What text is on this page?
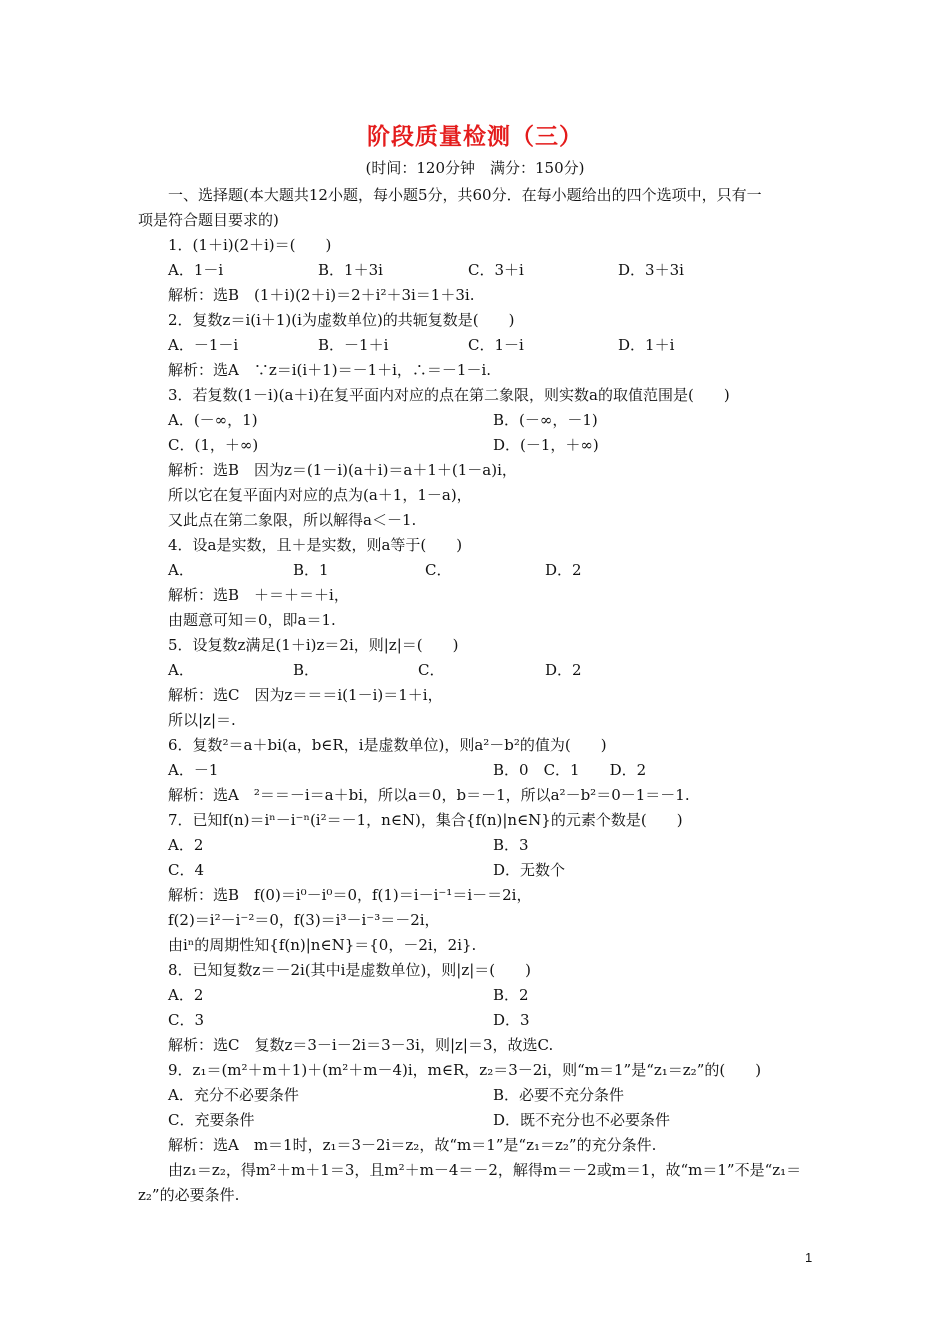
阶段质量检测（三）
(时间：120分钟　满分：150分)
一、选择题(本大题共12小题，每小题5分，共60分．在每小题给出的四个选项中，只有一
项是符合题目要求的)
1．(1＋i)(2＋i)＝(　　)
A．1－i	B．1＋3i	C．3＋i	D．3＋3i
解析：选B　(1＋i)(2＋i)＝2＋i²＋3i＝1＋3i.
2．复数z＝i(i＋1)(i为虚数单位)的共轭复数是(　　)
A．－1－i	B．－1＋i	C．1－i	D．1＋i
解析：选A　∵z＝i(i＋1)＝－1＋i，∴＝－1－i.
3．若复数(1－i)(a＋i)在复平面内对应的点在第二象限，则实数a的取值范围是(　　)
A．(－∞，1)	B．(－∞，－1)
C．(1，＋∞)	D．(－1，＋∞)
解析：选B　因为z＝(1－i)(a＋i)＝a＋1＋(1－a)i，
所以它在复平面内对应的点为(a＋1，1－a)，
又此点在第二象限，所以解得a＜－1.
4．设a是实数，且＋是实数，则a等于(　　)
A．	B．1	C．	D．2
解析：选B　＋＝＋＝＋i，
由题意可知＝0，即a＝1.
5．设复数z满足(1＋i)z＝2i，则|z|＝(　　)
A．	B．	C．	D．2
解析：选C　因为z＝＝＝i(1－i)＝1＋i，
所以|z|＝.
6．复数²＝a＋bi(a，b∈R，i是虚数单位)，则a²－b²的值为(　　)
A．－1	B．0　C．1　　D．2
解析：选A　²＝＝－i＝a＋bi，所以a＝0，b＝－1，所以a²－b²＝0－1＝－1.
7．已知f(n)＝iⁿ－i⁻ⁿ(i²＝－1，n∈N)，集合{f(n)|n∈N}的元素个数是(　　)
A．2	B．3
C．4	D．无数个
解析：选B　f(0)＝i⁰－i⁰＝0，f(1)＝i－i⁻¹＝i－＝2i，
f(2)＝i²－i⁻²＝0，f(3)＝i³－i⁻³＝－2i，
由iⁿ的周期性知{f(n)|n∈N}＝{0，－2i，2i}.
8．已知复数z＝－2i(其中i是虚数单位)，则|z|＝(　　)
A．2	B．2
C．3	D．3
解析：选C　复数z＝3－i－2i＝3－3i，则|z|＝3，故选C.
9．z₁＝(m²＋m＋1)＋(m²＋m－4)i，m∈R，z₂＝3－2i，则“m＝1”是“z₁＝z₂”的(　　)
A．充分不必要条件	B．必要不充分条件
C．充要条件	D．既不充分也不必要条件
解析：选A　m＝1时，z₁＝3－2i＝z₂，故“m＝1”是“z₁＝z₂”的充分条件.
由z₁＝z₂，得m²＋m＋1＝3，且m²＋m－4＝－2，解得m＝－2或m＝1，故“m＝1”不是“z₁＝
z₂”的必要条件.
1
